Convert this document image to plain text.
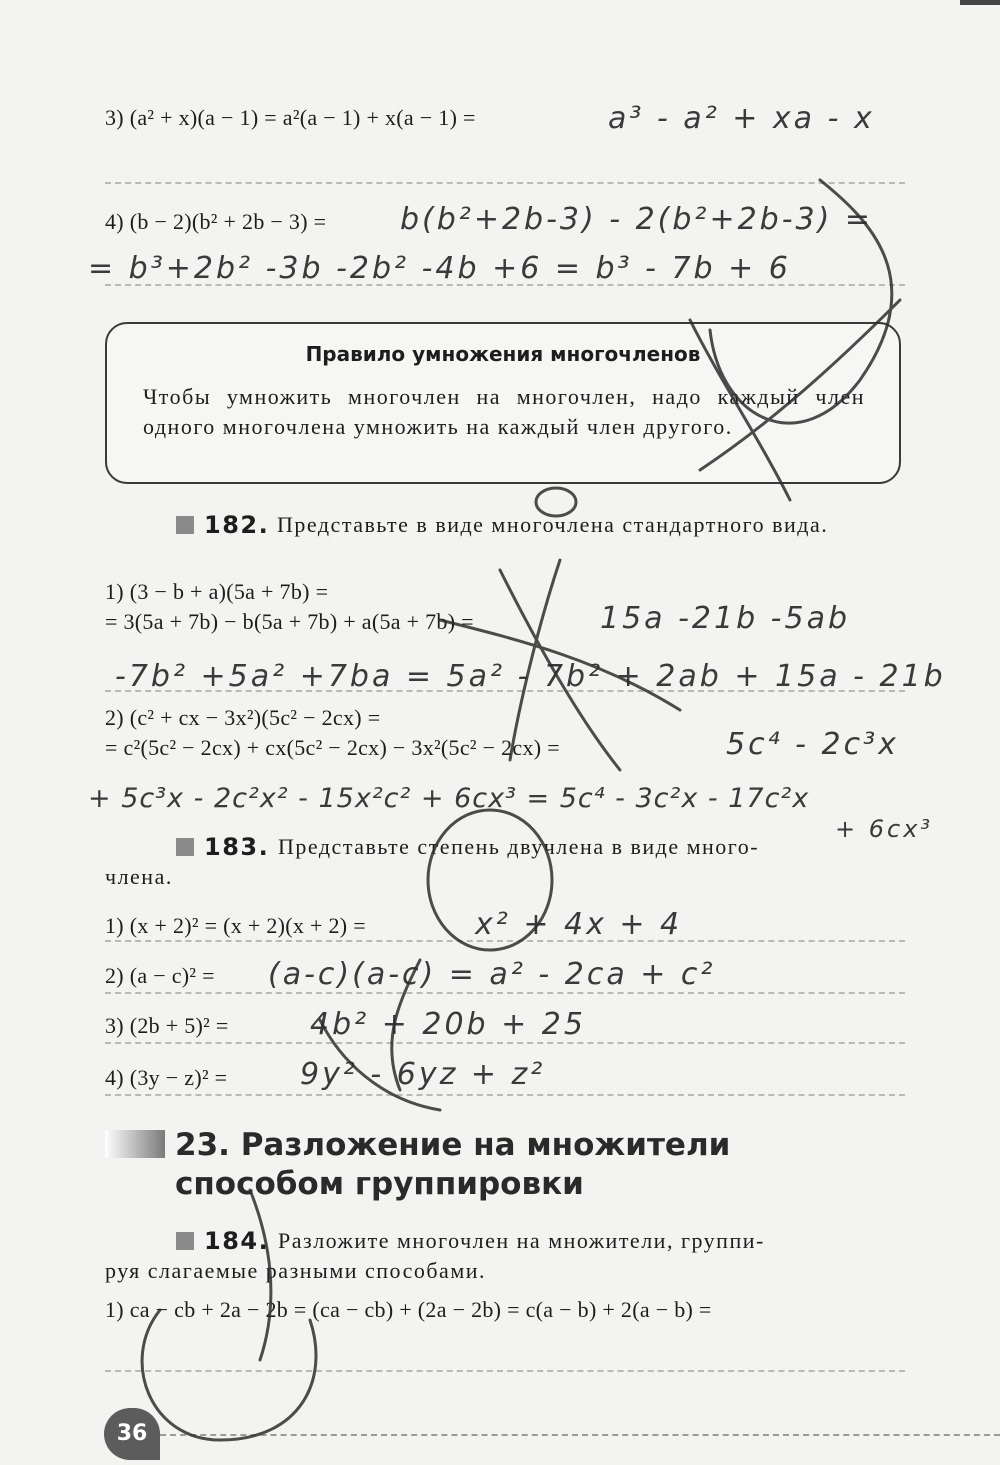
3) (a² + x)(a − 1) = a²(a − 1) + x(a − 1) =	a³ - a² + xa - x
4) (b − 2)(b² + 2b − 3) = b(b²+2b-3) - 2(b²+2b-3) =
= b³+2b² -3b -2b² -4b +6 = b³ - 7b + 6
Правило умножения многочленов
Чтобы умножить многочлен на многочлен, надо каждый член одного многочлена умножить на каждый член другого.
182. Представьте в виде многочлена стандартного вида.
1) (3 − b + a)(5a + 7b) =
= 3(5a + 7b) − b(5a + 7b) + a(5a + 7b) =	15a -21b -5ab
-7b² +5a² +7ba = 5a² - 7b² + 2ab + 15a - 21b
2) (c² + cx − 3x²)(5c² − 2cx) =
= c²(5c² − 2cx) + cx(5c² − 2cx) − 3x²(5c² − 2cx) =	5c⁴ - 2c³x
+ 5c³x - 2c²x² - 15x²c² + 6cx³ = 5c⁴ - 3c²x - 17c²x
+ 6cx³
183. Представьте степень двучлена в виде много-
члена.
1) (x + 2)² = (x + 2)(x + 2) =	x² + 4x + 4
2) (a − c)² = (a-c)(a-c) = a² - 2ca + c²
3) (2b + 5)² =	4b² + 20b + 25
4) (3y − z)² = 9y² - 6yz + z²
23. Разложение на множители
способом группировки
184. Разложите многочлен на множители, группи-
руя слагаемые разными способами.
1) ca − cb + 2a − 2b = (ca − cb) + (2a − 2b) = c(a − b) + 2(a − b) =
36
